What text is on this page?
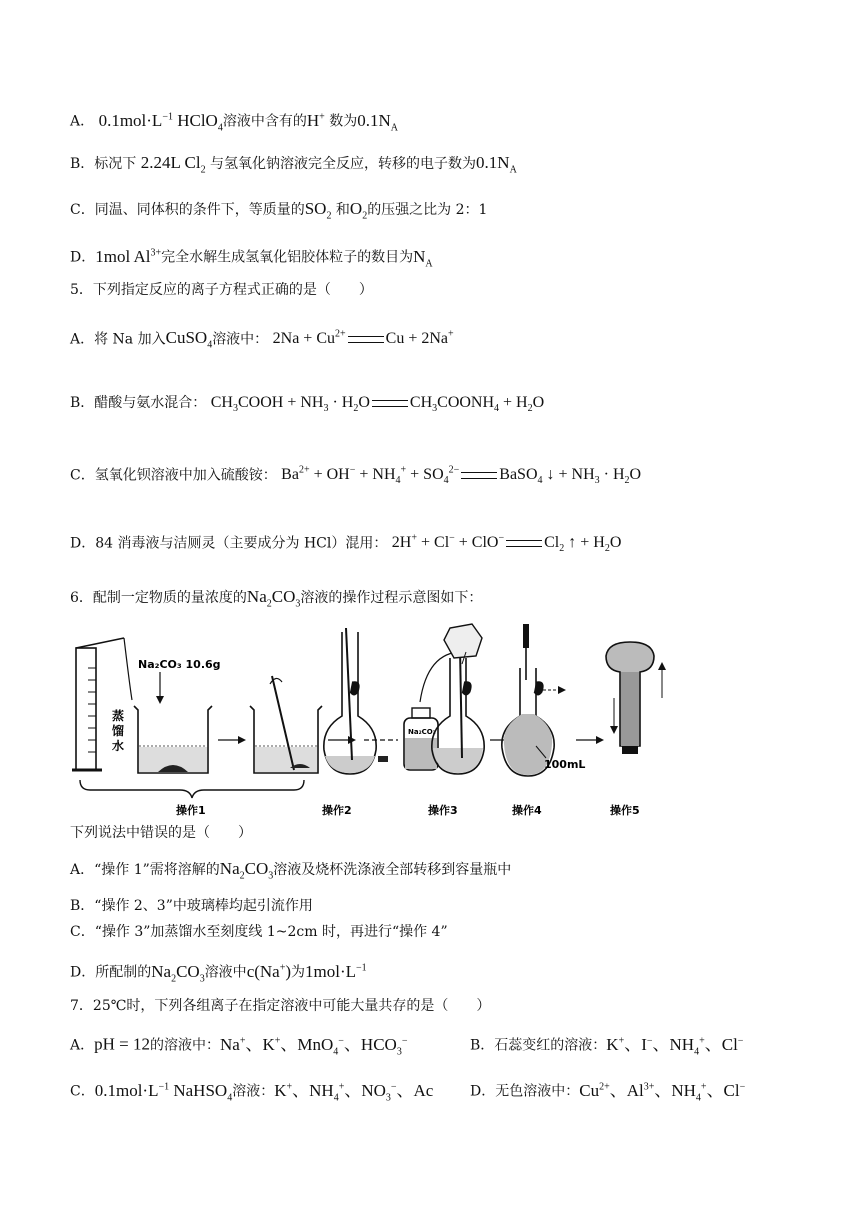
A． $0.1mol\cdot L^{-1}$ HClO$_4$溶液中含有的H+ 数为$0.1N_A$
B．标况下 2.24L $Cl_2$ 与氢氧化钠溶液完全反应，转移的电子数为$0.1N_A$
C．同温、同体积的条件下，等质量的$SO_2$ 和$O_2$的压强之比为 2：1
D．1mol $Al^{3+}$完全水解生成氢氧化铝胶体粒子的数目为$N_A$
5．下列指定反应的离子方程式正确的是（　　）
A．将 Na 加入CuSO$_4$溶液中： $2Na + Cu^{2+}$	Cu + 2Na+
B．醋酸与氨水混合： $CH_3COOH + NH_3 \cdot H_2O$	$CH_3COONH_4 + H_2O$
C．氢氧化钡溶液中加入硫酸铵： $Ba^{2+} + OH^- + NH_4^+ + SO_4^{2-}$	BaSO$_4$ ↓ + $NH_3 \cdot H_2O$
D．84 消毒液与洁厕灵（主要成分为 HCl）混用： 2H+ + Cl− + ClO−	$Cl_2$ ↑ + $H_2O$
6．配制一定物质的量浓度的$Na_2CO_3$溶液的操作过程示意图如下：
蒸
馏
水
Na₂CO₃ 10.6g
Na₂CO₃
100mL
操作1	操作2	操作3	操作4	操作5
下列说法中错误的是（　　）
A．“操作 1”需将溶解的$Na_2CO_3$溶液及烧杯洗涤液全部转移到容量瓶中
B．“操作 2、3”中玻璃棒均起引流作用
C．“操作 3”加蒸馏水至刻度线 1~2cm 时，再进行“操作 4”
D．所配制的$Na_2CO_3$溶液中c(Na+)为$1mol\cdot L^{-1}$
7．25℃时，下列各组离子在指定溶液中可能大量共存的是（　　）
A．pH = 12的溶液中：Na+、K+、MnO$_4$−、$HCO_3^-$	B．石蕊变红的溶液：K+、I−、$NH_4^+$、Cl−
C．$0.1mol\cdot L^{-1}$ NaHSO$_4$溶液：K+、$NH_4^+$、$NO_3^-$、Ac	D．无色溶液中：$Cu^{2+}$、$Al^{3+}$、$NH_4^+$、Cl−
